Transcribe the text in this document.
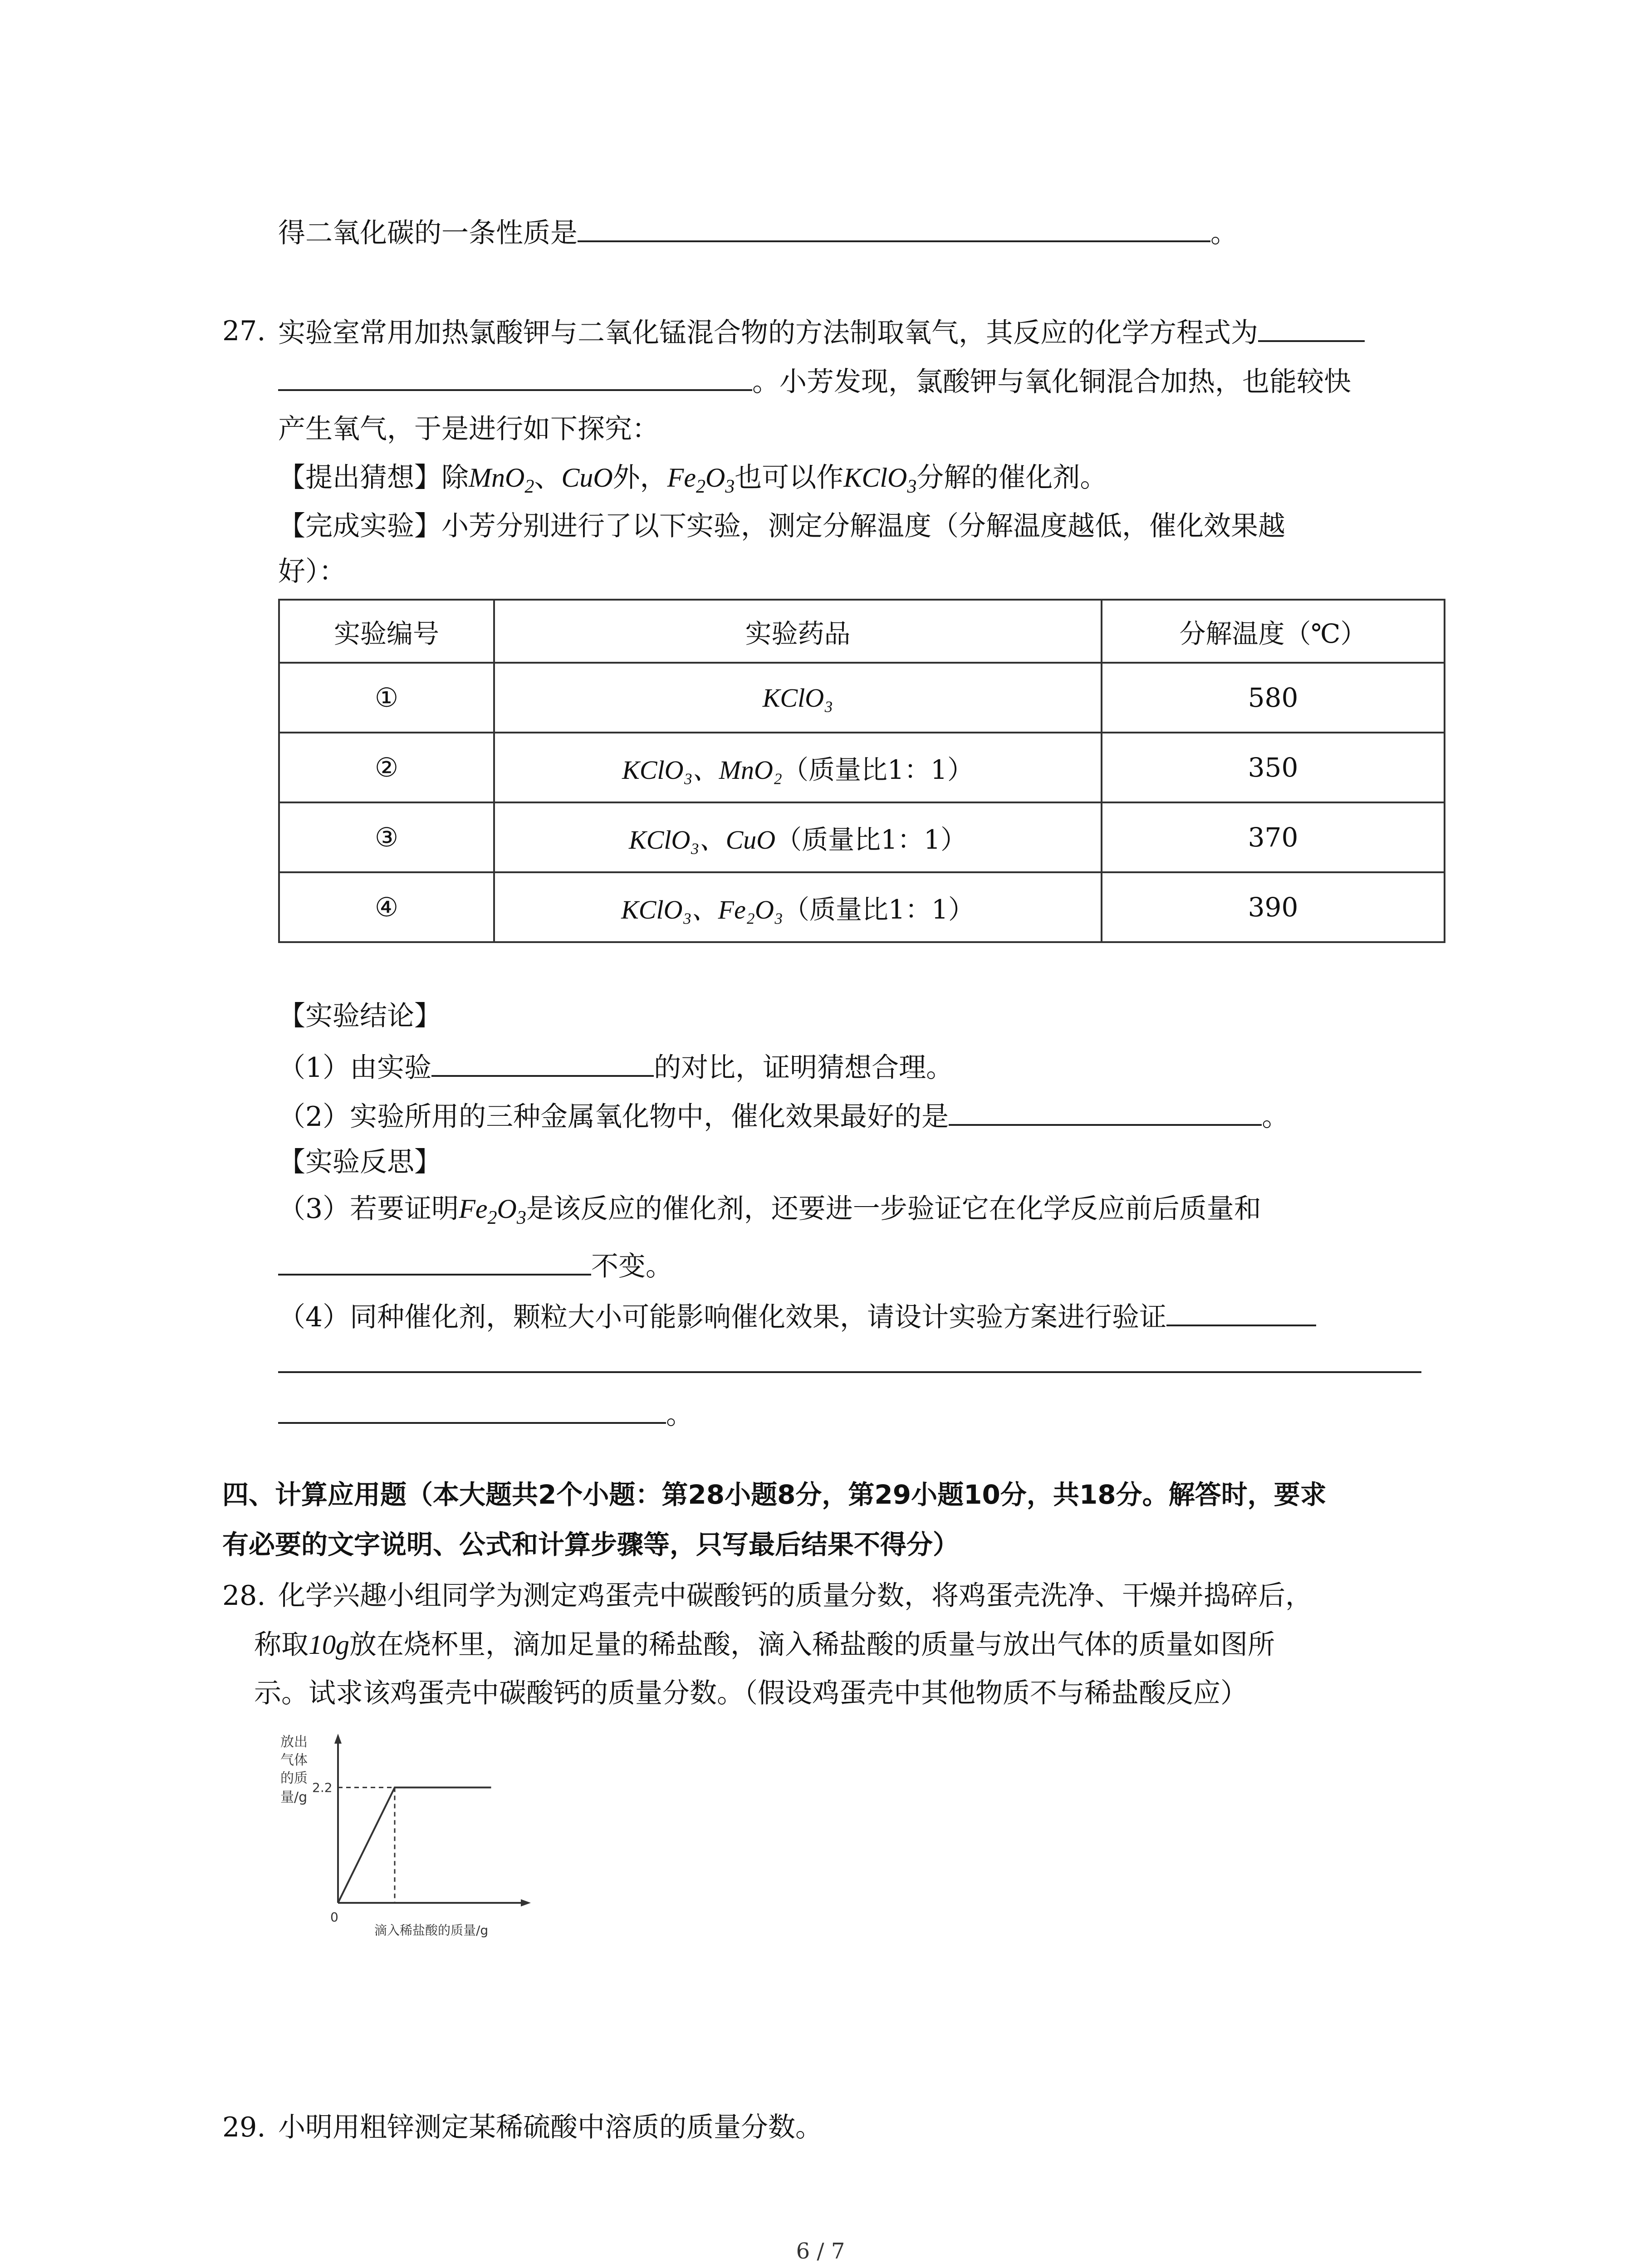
得二氧化碳的一条性质是	。
27. 实验室常用加热氯酸钾与二氧化锰混合物的方法制取氧气，其反应的化学方程式为
。小芳发现，氯酸钾与氧化铜混合加热，也能较快
产生氧气，于是进行如下探究：
【提出猜想】除MnO$_2$、CuO外，$Fe_2O_3$也可以作KClO$_3$分解的催化剂。
【完成实验】小芳分别进行了以下实验，测定分解温度（分解温度越低，催化效果越
好）：
实验编号	实验药品	分解温度（℃）
①	KClO₃	580
②	KClO₃、MnO₂（质量比1：1）	350
③	KClO₃、CuO（质量比1：1）	370
④	KClO₃、Fe₂O₃（质量比1：1）	390
【实验结论】
（1）由实验	的对比，证明猜想合理。
（2）实验所用的三种金属氧化物中，催化效果最好的是	。
【实验反思】
（3）若要证明$Fe_2O_3$是该反应的催化剂，还要进一步验证它在化学反应前后质量和
不变。
（4）同种催化剂，颗粒大小可能影响催化效果，请设计实验方案进行验证
。
四、计算应用题（本大题共2个小题：第28小题8分，第29小题10分，共18分。解答时，要求
有必要的文字说明、公式和计算步骤等，只写最后结果不得分）
28. 化学兴趣小组同学为测定鸡蛋壳中碳酸钙的质量分数，将鸡蛋壳洗净、干燥并捣碎后，
称取10g放在烧杯里，滴加足量的稀盐酸，滴入稀盐酸的质量与放出气体的质量如图所
示。试求该鸡蛋壳中碳酸钙的质量分数。（假设鸡蛋壳中其他物质不与稀盐酸反应）
放出
气体
的质
量/g
0
2.2
滴入稀盐酸的质量/g
29. 小明用粗锌测定某稀硫酸中溶质的质量分数。
6 / 7
